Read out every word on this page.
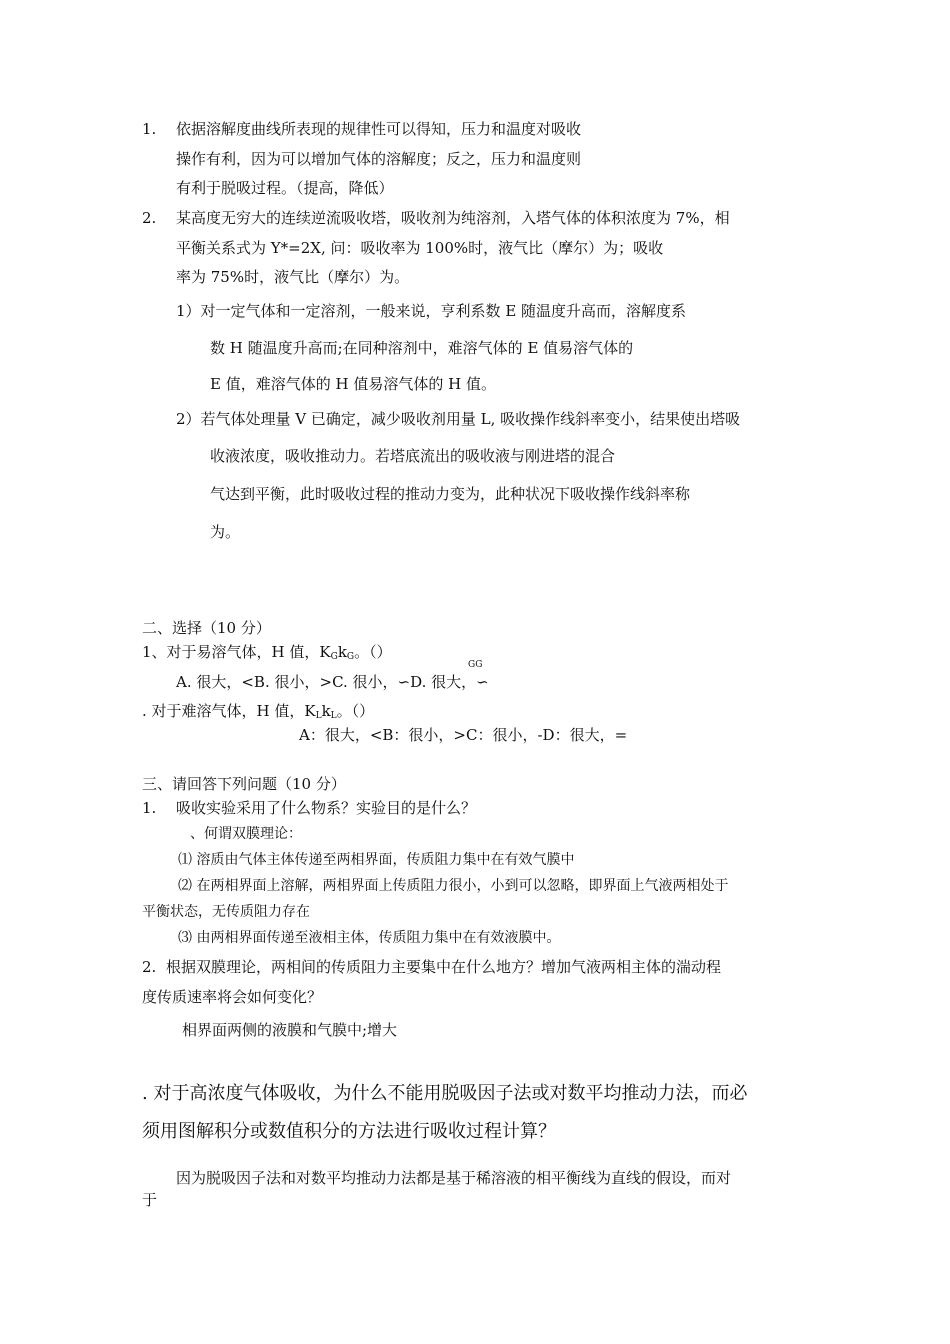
1. 依据溶解度曲线所表现的规律性可以得知，压力和温度对吸收
操作有利，因为可以增加气体的溶解度；反之，压力和温度则
有利于脱吸过程。（提高，降低）
2. 某高度无穷大的连续逆流吸收塔，吸收剂为纯溶剂，入塔气体的体积浓度为 7%，相
平衡关系式为 Y*=2X, 问：吸收率为 100%时，液气比（摩尔）为；吸收
率为 75%时，液气比（摩尔）为。
1）对一定气体和一定溶剂，一般来说，亨利系数 E 随温度升高而，溶解度系
数 H 随温度升高而;在同种溶剂中，难溶气体的 E 值易溶气体的
E 值，难溶气体的 H 值易溶气体的 H 值。
2）若气体处理量 V 已确定，减少吸收剂用量 L, 吸收操作线斜率变小，结果使出塔吸
收液浓度，吸收推动力。若塔底流出的吸收液与刚进塔的混合
气达到平衡，此时吸收过程的推动力变为，此种状况下吸收操作线斜率称
为。
二、选择（10 分）
1、对于易溶气体，H 值，$K_Gk_G$。（）
GG
A. 很大，<B. 很小，>C. 很小，∽D. 很大，∽
. 对于难溶气体，H 值，$K_Lk_L$。（）
A：很大，<B：很小，>C：很小，-D：很大，=
三、请回答下列问题（10 分）
1. 吸收实验采用了什么物系？实验目的是什么？
、何谓双膜理论：
⑴ 溶质由气体主体传递至两相界面，传质阻力集中在有效气膜中
⑵ 在两相界面上溶解，两相界面上传质阻力很小，小到可以忽略，即界面上气液两相处于
平衡状态，无传质阻力存在
⑶ 由两相界面传递至液相主体，传质阻力集中在有效液膜中。
2. 根据双膜理论，两相间的传质阻力主要集中在什么地方？增加气液两相主体的湍动程
度传质速率将会如何变化？
相界面两侧的液膜和气膜中;增大
. 对于高浓度气体吸收，为什么不能用脱吸因子法或对数平均推动力法，而必
须用图解积分或数值积分的方法进行吸收过程计算？
因为脱吸因子法和对数平均推动力法都是基于稀溶液的相平衡线为直线的假设，而对
于
